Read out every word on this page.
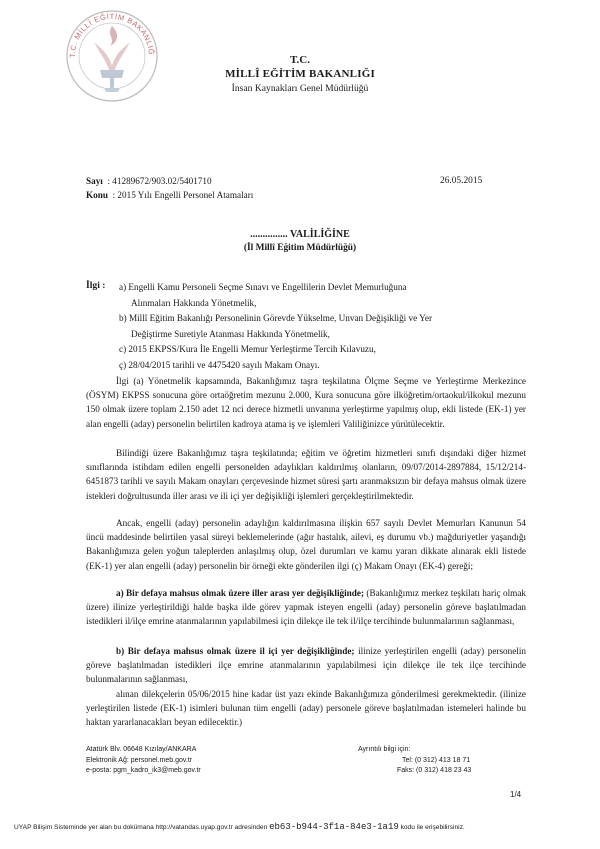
T.C. MİLLÎ EĞİTİM BAKANLIĞ
T.C.
MİLLÎ EĞİTİM BAKANLIĞI
İnsan Kaynakları Genel Müdürlüğü
Sayı : 41289672/903.02/5401710
Konu : 2015 Yılı Engelli Personel Atamaları
26.05.2015
............... VALİLİĞİNE
(İl Millî Eğitim Müdürlüğü)
İlgi : a) Engelli Kamu Personeli Seçme Sınavı ve Engellilerin Devlet Memurluğuna
Alınmaları Hakkında Yönetmelik,
b) Millî Eğitim Bakanlığı Personelinin Görevde Yükselme, Unvan Değişikliği ve Yer
Değiştirme Suretiyle Atanması Hakkında Yönetmelik,
c) 2015 EKPSS/Kura İle Engelli Memur Yerleştirme Tercih Kılavuzu,
ç) 28/04/2015 tarihli ve 4475420 sayılı Makam Onayı.
İlgi (a) Yönetmelik kapsamında, Bakanlığımız taşra teşkilatına Ölçme Seçme ve Yerleştirme Merkezince (ÖSYM) EKPSS sonucuna göre ortaöğretim mezunu 2.000, Kura sonucuna göre ilköğretim/ortaokul/ilkokul mezunu 150 olmak üzere toplam 2.150 adet 12 nci derece hizmetli unvanına yerleştirme yapılmış olup, ekli listede (EK-1) yer alan engelli (aday) personelin belirtilen kadroya atama iş ve işlemleri Valiliğinizce yürütülecektir.
Bilindiği üzere Bakanlığımız taşra teşkilatında; eğitim ve öğretim hizmetleri sınıfı dışındaki diğer hizmet sınıflarında istihdam edilen engelli personelden adaylıkları kaldırılmış olanların, 09/07/2014-2897884, 15/12/214-6451873 tarihli ve sayılı Makam onayları çerçevesinde hizmet süresi şartı aranmaksızın bir defaya mahsus olmak üzere istekleri doğrultusunda iller arası ve ili içi yer değişikliği işlemleri gerçekleştirilmektedir.
Ancak, engelli (aday) personelin adaylığın kaldırılmasına ilişkin 657 sayılı Devlet Memurları Kanunun 54 üncü maddesinde belirtilen yasal süreyi beklemelerinde (ağır hastalık, ailevi, eş durumu vb.) mağduriyetler yaşandığı Bakanlığımıza gelen yoğun taleplerden anlaşılmış olup, özel durumları ve kamu yararı dikkate alınarak ekli listede (EK-1) yer alan engelli (aday) personelin bir örneği ekte gönderilen ilgi (ç) Makam Onayı (EK-4) gereği;
a) Bir defaya mahsus olmak üzere iller arası yer değişikliğinde; (Bakanlığımız merkez teşkilatı hariç olmak üzere) ilinize yerleştirildiği halde başka ilde görev yapmak isteyen engelli (aday) personelin göreve başlatılmadan istedikleri il/ilçe emrine atanmalarının yapılabilmesi için dilekçe ile tek il/ilçe tercihinde bulunmalarının sağlanması,
b) Bir defaya mahsus olmak üzere il içi yer değişikliğinde; ilinize yerleştirilen engelli (aday) personelin göreve başlatılmadan istedikleri ilçe emrine atanmalarının yapılabilmesi için dilekçe ile tek ilçe tercihinde bulunmalarının sağlanması,
alınan dilekçelerin 05/06/2015 hine kadar üst yazı ekinde Bakanlığımıza gönderilmesi gerekmektedir. (ilinize yerleştirilen listede (EK-1) isimleri bulunan tüm engelli (aday) personele göreve başlatılmadan istemeleri halinde bu haktan yararlanacakları beyan edilecektir.)
Atatürk Blv. 06648 Kızılay/ANKARA
Elektronik Ağ: personel.meb.gov.tr
e-posta: pgm_kadro_ik3@meb.gov.tr
Ayrıntılı bilgi için:
Tel: (0 312) 413 18 71
Faks: (0 312) 418 23 43
1/4
UYAP Bilişim Sisteminde yer alan bu dokümana http://vatandas.uyap.gov.tr adresinden eb63-b944-3f1a-84e3-1a19 kodu ile erişebilirsiniz.
